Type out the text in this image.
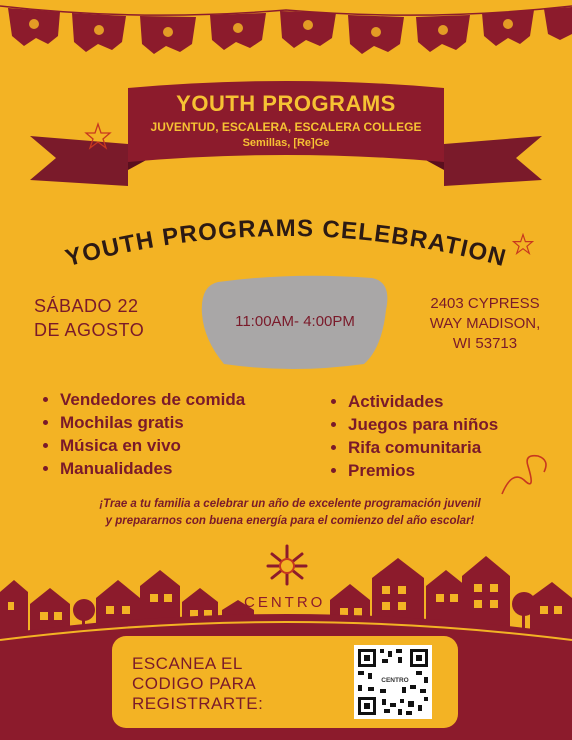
YOUTH PROGRAMS
JUVENTUD, ESCALERA, ESCALERA COLLEGE
Semillas, [Re]Ge
YOUTH PROGRAMS CELEBRATION
SÁBADO 22
DE AGOSTO	11:00AM- 4:00PM
2403 CYPRESS
WAY MADISON,
WI 53713
• Vendedores de comida
• Mochilas gratis
• Música en vivo
• Manualidades
• Actividades
• Juegos para niños
• Rifa comunitaria
• Premios
¡Trae a tu familia a celebrar un año de excelente programación juvenil
y prepararnos con buena energía para el comienzo del año escolar!
CENTRO
ESCANEA EL
CODIGO PARA
REGISTRARTE:
CENTRO
